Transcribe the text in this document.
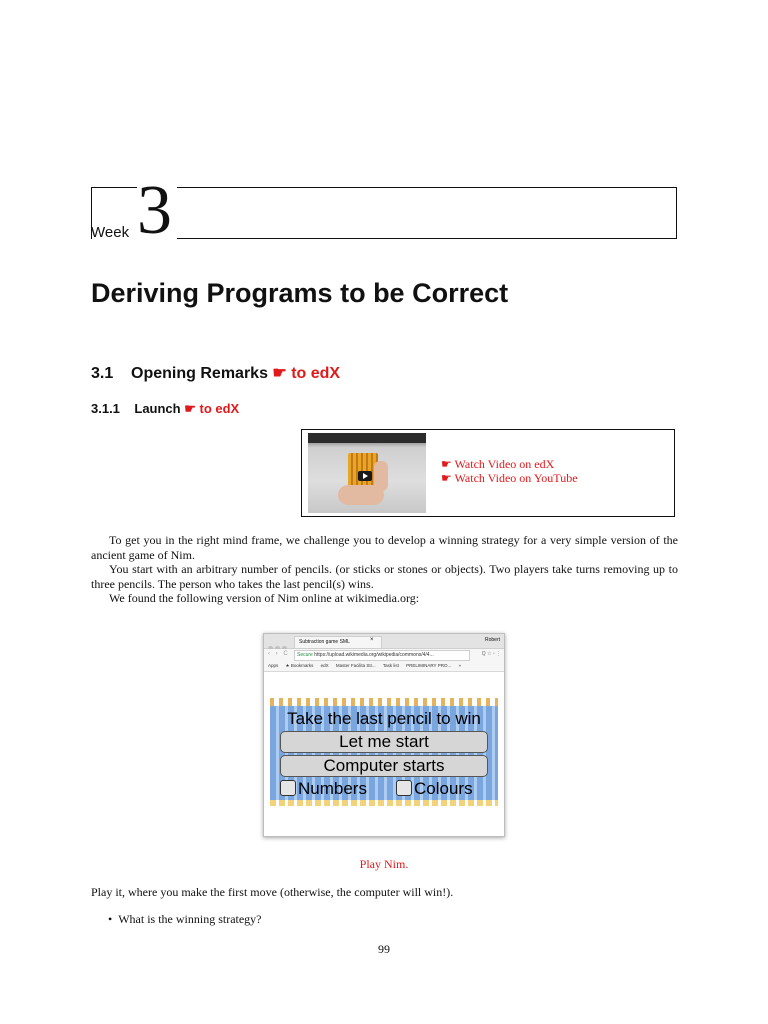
Week 3
Deriving Programs to be Correct
3.1 Opening Remarks ☛ to edX
3.1.1 Launch ☛ to edX
☛ Watch Video on edX
☛ Watch Video on YouTube

To get you in the right mind frame, we challenge you to develop a winning strategy for a very simple version of the ancient game of Nim.

You start with an arbitrary number of pencils. (or sticks or stones or objects). Two players take turns removing up to three pencils. The person who takes the last pencil(s) wins.

We found the following version of Nim online at wikimedia.org:

Subtraction game SML	×	Robert
‹ › C	Secure https://upload.wikimedia.org/wikipedia/commons/4/4...	Q ☆ ▫ ⋮
Apps ★ Bookmarks edX Master Facilita Str... Task list PRELIMINARY PRO... »
Take the last pencil to win
Let me start
Computer starts
Numbers	Colours
Play Nim.
Play it, where you make the first move (otherwise, the computer will win!).
• What is the winning strategy?
99
